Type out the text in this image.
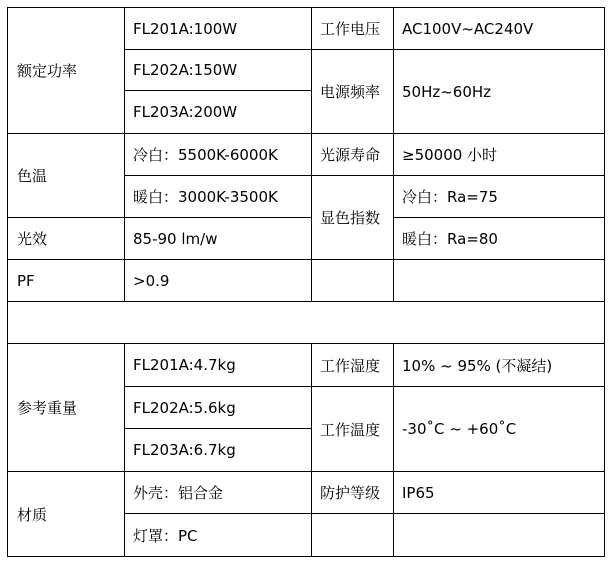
额定功率	FL201A:100W	工作电压	AC100V~AC240V
	FL202A:150W	电源频率	50Hz~60Hz
	FL203A:200W		
色温	冷白：5500K-6000K	光源寿命	≥50000 小时
	暖白：3000K-3500K	显色指数	冷白：Ra=75
光效	85-90 lm/w		暖白：Ra=80
PF	>0.9		

参考重量	FL201A:4.7kg	工作湿度	10% ~ 95% (不凝结)
	FL202A:5.6kg	工作温度	-30˚C ~ +60˚C
	FL203A:6.7kg		
材质	外壳：铝合金	防护等级	IP65
	灯罩：PC		
